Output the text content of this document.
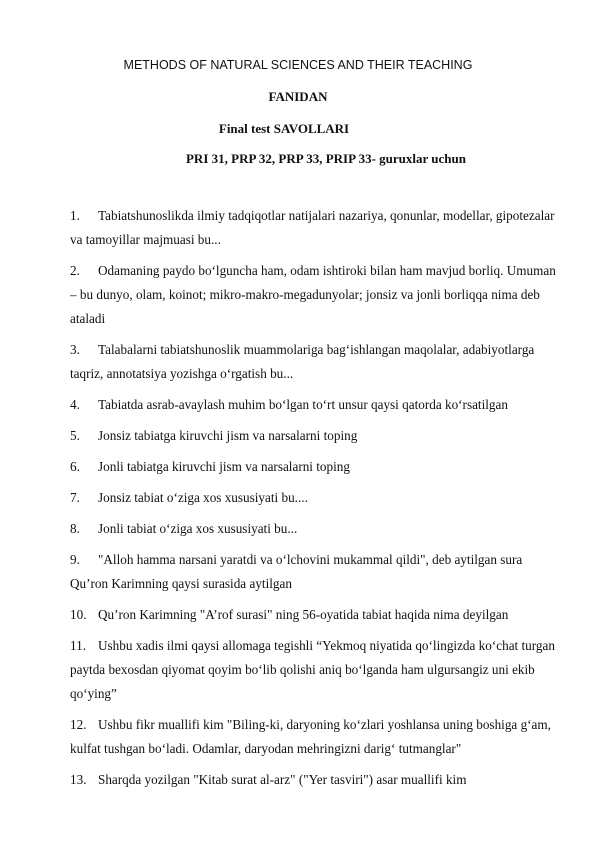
METHODS OF NATURAL SCIENCES AND THEIR TEACHING
FANIDAN
Final test SAVOLLARI
PRI 31, PRP 32, PRP 33, PRIP 33- guruxlar uchun
1. Tabiatshunoslikda ilmiy tadqiqotlar natijalari nazariya, qonunlar, modellar, gipotezalar va tamoyillar majmuasi bu...
2. Odamaning paydo bo‘lguncha ham, odam ishtiroki bilan ham mavjud borliq. Umuman – bu dunyo, olam, koinot; mikro-makro-megadunyolar; jonsiz va jonli borliqqa nima deb ataladi
3. Talabalarni tabiatshunoslik muammolariga bag‘ishlangan maqolalar, adabiyotlarga taqriz, annotatsiya yozishga o‘rgatish bu...
4. Tabiatda asrab-avaylash muhim bo‘lgan to‘rt unsur qaysi qatorda ko‘rsatilgan
5. Jonsiz tabiatga kiruvchi jism va narsalarni toping
6. Jonli tabiatga kiruvchi jism va narsalarni toping
7. Jonsiz tabiat o‘ziga xos xususiyati bu....
8. Jonli tabiat o‘ziga xos xususiyati bu...
9. "Alloh hamma narsani yaratdi va o‘lchovini mukammal qildi", deb aytilgan sura Qu’ron Karimning qaysi surasida aytilgan
10. Qu’ron Karimning "A’rof surasi" ning 56-oyatida tabiat haqida nima deyilgan
11. Ushbu xadis ilmi qaysi allomaga tegishli “Yekmoq niyatida qo‘lingizda ko‘chat turgan paytda bexosdan qiyomat qoyim bo‘lib qolishi aniq bo‘lganda ham ulgursangiz uni ekib qo‘ying”
12. Ushbu fikr muallifi kim "Biling-ki, daryoning ko‘zlari yoshlansa uning boshiga g‘am, kulfat tushgan bo‘ladi. Odamlar, daryodan mehringizni darig‘ tutmanglar"
13. Sharqda yozilgan "Kitab surat al-arz" ("Yer tasviri") asar muallifi kim
